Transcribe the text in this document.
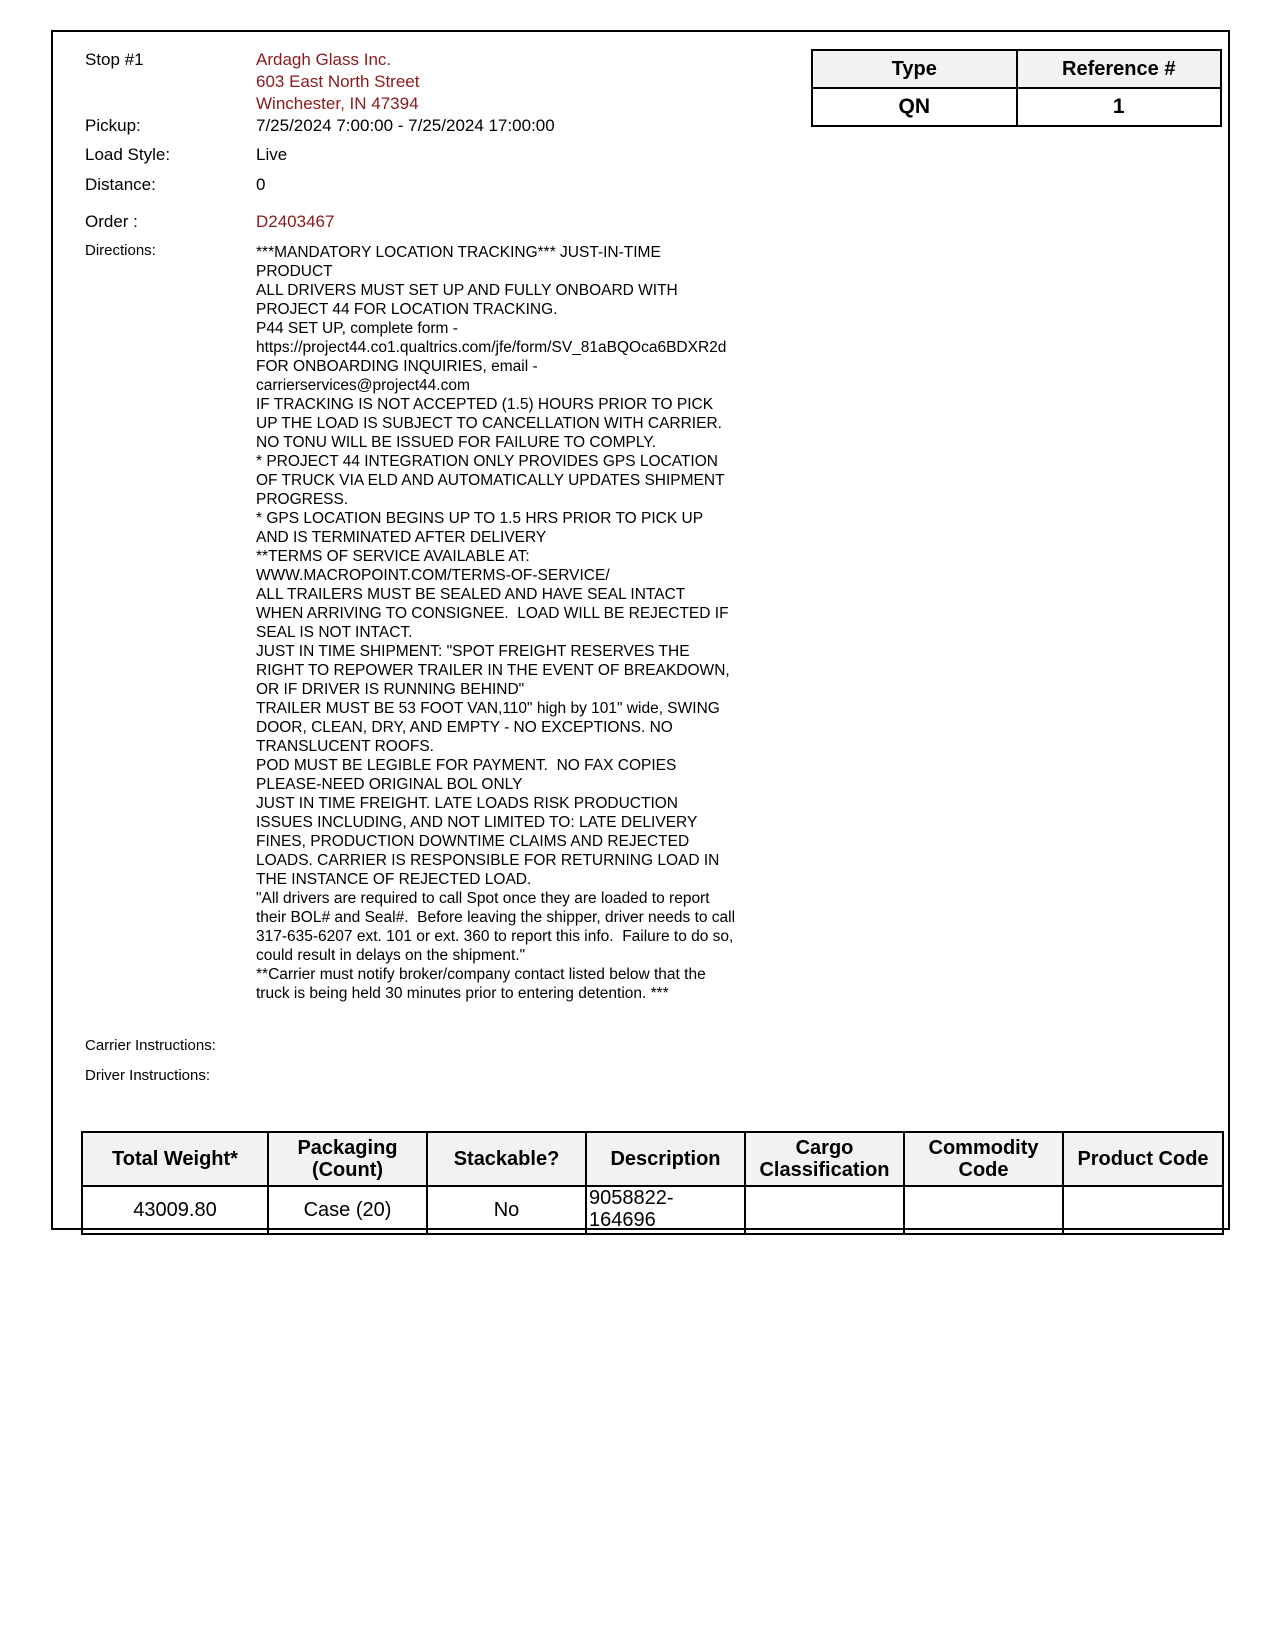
Stop #1	Ardagh Glass Inc.
603 East North Street
Winchester, IN 47394
Pickup:	7/25/2024 7:00:00 - 7/25/2024 17:00:00
Load Style:	Live
Distance:	0
Order :	D2403467
Directions:	***MANDATORY LOCATION TRACKING*** JUST-IN-TIME PRODUCT
ALL DRIVERS MUST SET UP AND FULLY ONBOARD WITH PROJECT 44 FOR LOCATION TRACKING.
P44 SET UP, complete form -
https://project44.co1.qualtrics.com/jfe/form/SV_81aBQOca6BDXR2d
FOR ONBOARDING INQUIRIES, email -
carrierservices@project44.com
IF TRACKING IS NOT ACCEPTED (1.5) HOURS PRIOR TO PICK UP THE LOAD IS SUBJECT TO CANCELLATION WITH CARRIER. NO TONU WILL BE ISSUED FOR FAILURE TO COMPLY.
* PROJECT 44 INTEGRATION ONLY PROVIDES GPS LOCATION OF TRUCK VIA ELD AND AUTOMATICALLY UPDATES SHIPMENT PROGRESS.
* GPS LOCATION BEGINS UP TO 1.5 HRS PRIOR TO PICK UP AND IS TERMINATED AFTER DELIVERY
**TERMS OF SERVICE AVAILABLE AT:
WWW.MACROPOINT.COM/TERMS-OF-SERVICE/
ALL TRAILERS MUST BE SEALED AND HAVE SEAL INTACT WHEN ARRIVING TO CONSIGNEE.  LOAD WILL BE REJECTED IF SEAL IS NOT INTACT.
JUST IN TIME SHIPMENT: "SPOT FREIGHT RESERVES THE RIGHT TO REPOWER TRAILER IN THE EVENT OF BREAKDOWN, OR IF DRIVER IS RUNNING BEHIND"
TRAILER MUST BE 53 FOOT VAN,110" high by 101" wide, SWING DOOR, CLEAN, DRY, AND EMPTY - NO EXCEPTIONS. NO TRANSLUCENT ROOFS.
POD MUST BE LEGIBLE FOR PAYMENT.  NO FAX COPIES PLEASE-NEED ORIGINAL BOL ONLY
JUST IN TIME FREIGHT. LATE LOADS RISK PRODUCTION ISSUES INCLUDING, AND NOT LIMITED TO: LATE DELIVERY FINES, PRODUCTION DOWNTIME CLAIMS AND REJECTED LOADS. CARRIER IS RESPONSIBLE FOR RETURNING LOAD IN THE INSTANCE OF REJECTED LOAD.
"All drivers are required to call Spot once they are loaded to report their BOL# and Seal#.  Before leaving the shipper, driver needs to call 317-635-6207 ext. 101 or ext. 360 to report this info.  Failure to do so, could result in delays on the shipment."
**Carrier must notify broker/company contact listed below that the truck is being held 30 minutes prior to entering detention. ***
Carrier Instructions:
Driver Instructions:
Type	Reference #
QN	1
Total Weight*	Packaging (Count)	Stackable?	Description	Cargo Classification	Commodity Code	Product Code
43009.80	Case (20)	No	9058822-
164696			
